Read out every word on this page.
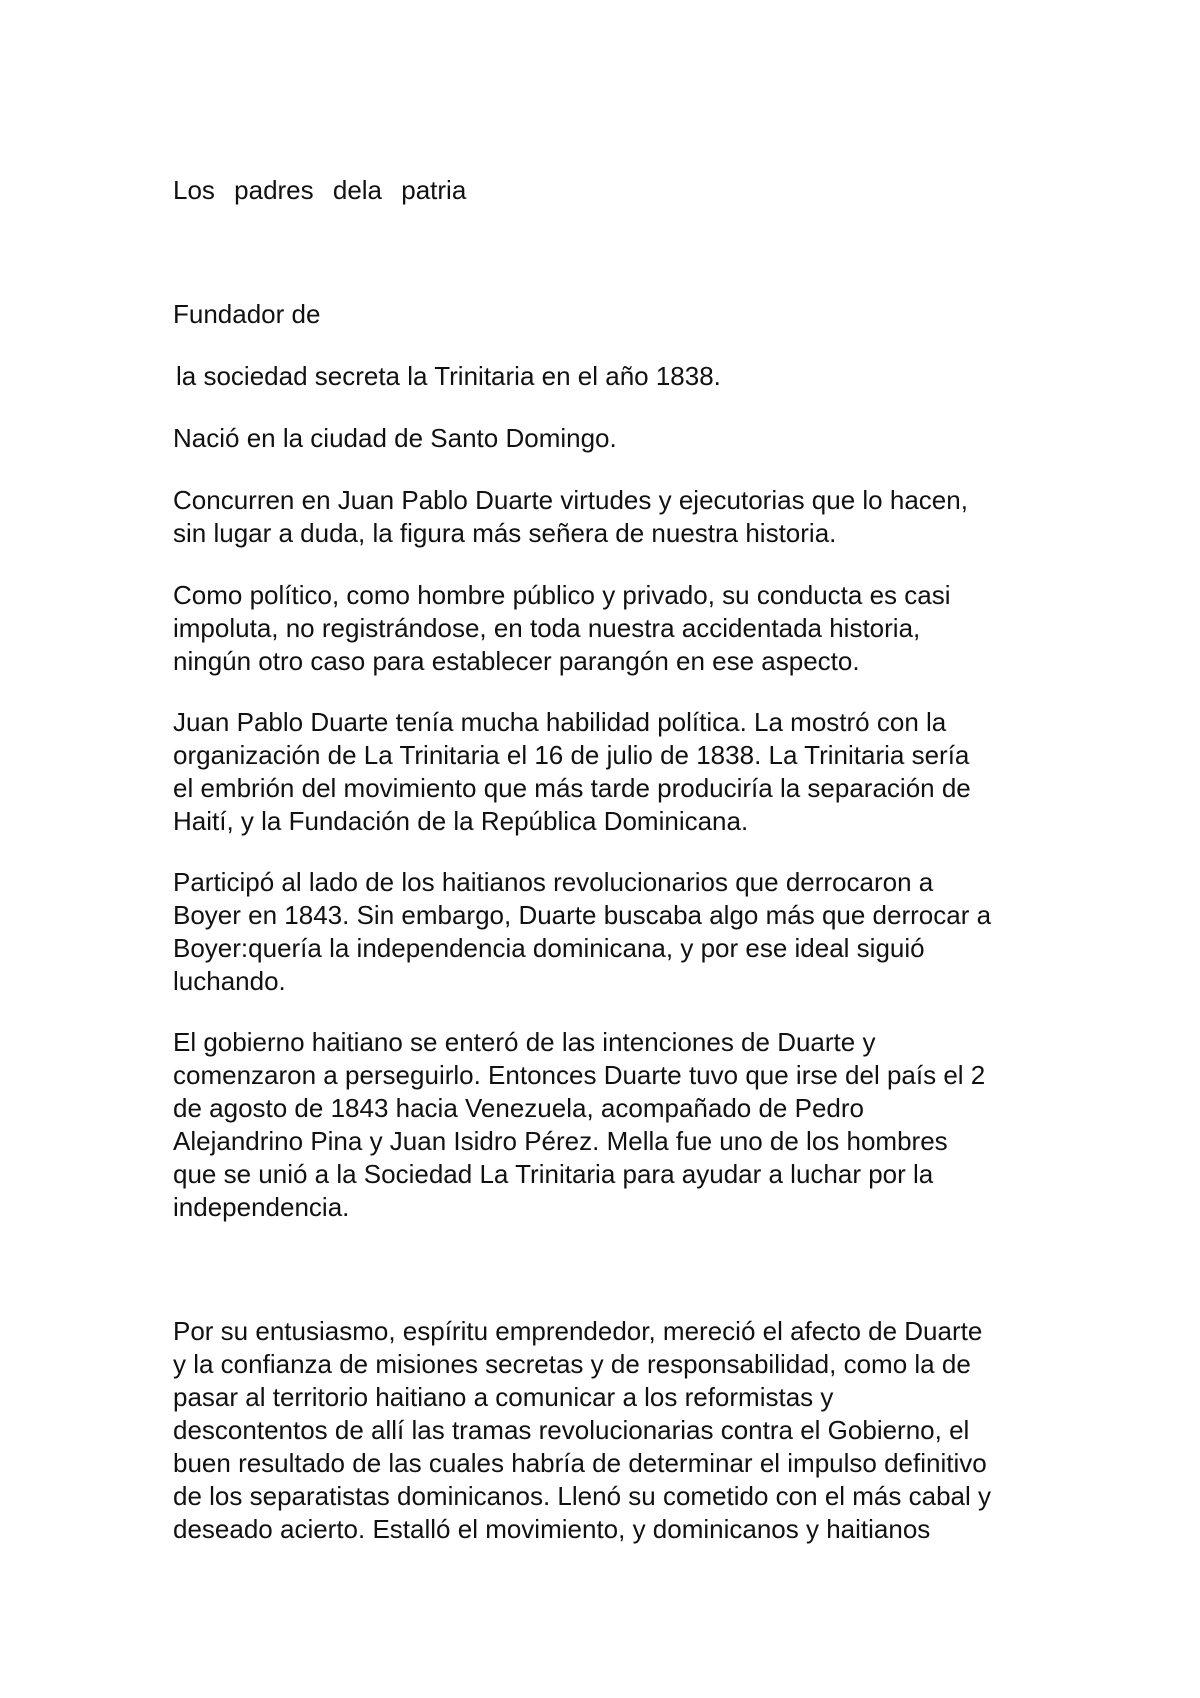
Los padres dela patria

Fundador de

la sociedad secreta la Trinitaria en el año 1838.

Nació en la ciudad de Santo Domingo.

Concurren en Juan Pablo Duarte virtudes y ejecutorias que lo hacen,
sin lugar a duda, la figura más señera de nuestra historia.

Como político, como hombre público y privado, su conducta es casi
impoluta, no registrándose, en toda nuestra accidentada historia,
ningún otro caso para establecer parangón en ese aspecto.

Juan Pablo Duarte tenía mucha habilidad política. La mostró con la
organización de La Trinitaria el 16 de julio de 1838. La Trinitaria sería
el embrión del movimiento que más tarde produciría la separación de
Haití, y la Fundación de la República Dominicana.

Participó al lado de los haitianos revolucionarios que derrocaron a
Boyer en 1843. Sin embargo, Duarte buscaba algo más que derrocar a
Boyer:quería la independencia dominicana, y por ese ideal siguió
luchando.

El gobierno haitiano se enteró de las intenciones de Duarte y
comenzaron a perseguirlo. Entonces Duarte tuvo que irse del país el 2
de agosto de 1843 hacia Venezuela, acompañado de Pedro
Alejandrino Pina y Juan Isidro Pérez. Mella fue uno de los hombres
que se unió a la Sociedad La Trinitaria para ayudar a luchar por la
independencia.

Por su entusiasmo, espíritu emprendedor, mereció el afecto de Duarte
y la confianza de misiones secretas y de responsabilidad, como la de
pasar al territorio haitiano a comunicar a los reformistas y
descontentos de allí las tramas revolucionarias contra el Gobierno, el
buen resultado de las cuales habría de determinar el impulso definitivo
de los separatistas dominicanos. Llenó su cometido con el más cabal y
deseado acierto. Estalló el movimiento, y dominicanos y haitianos
